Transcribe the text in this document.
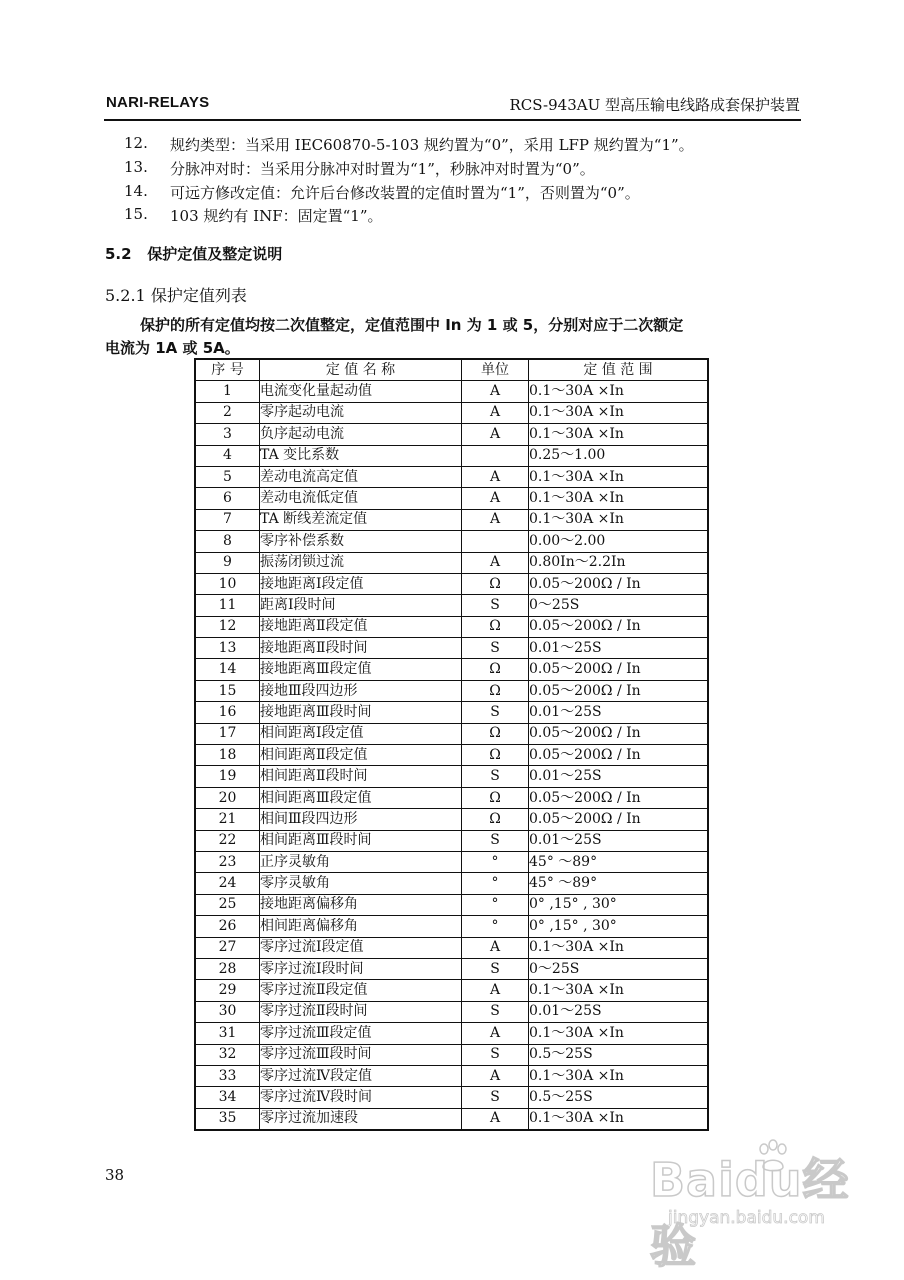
NARI-RELAYS	RCS-943AU 型高压输电线路成套保护装置
12. 规约类型：当采用 IEC60870-5-103 规约置为“0”，采用 LFP 规约置为“1”。
13. 分脉冲对时：当采用分脉冲对时置为“1”，秒脉冲对时置为“0”。
14. 可远方修改定值：允许后台修改装置的定值时置为“1”，否则置为“0”。
15. 103 规约有 INF：固定置“1”。
5.2 保护定值及整定说明
5.2.1 保护定值列表
保护的所有定值均按二次值整定，定值范围中 In 为 1 或 5，分别对应于二次额定
电流为 1A 或 5A。
序 号	定 值 名 称	单位	定 值 范 围
1	电流变化量起动值	A	0.1～30A ×In
2	零序起动电流	A	0.1～30A ×In
3	负序起动电流	A	0.1～30A ×In
4	TA 变比系数		0.25～1.00
5	差动电流高定值	A	0.1～30A ×In
6	差动电流低定值	A	0.1～30A ×In
7	TA 断线差流定值	A	0.1～30A ×In
8	零序补偿系数		0.00～2.00
9	振荡闭锁过流	A	0.80In～2.2In
10	接地距离Ⅰ段定值	Ω	0.05～200Ω / In
11	距离Ⅰ段时间	S	0～25S
12	接地距离Ⅱ段定值	Ω	0.05～200Ω / In
13	接地距离Ⅱ段时间	S	0.01～25S
14	接地距离Ⅲ段定值	Ω	0.05～200Ω / In
15	接地Ⅲ段四边形	Ω	0.05～200Ω / In
16	接地距离Ⅲ段时间	S	0.01～25S
17	相间距离Ⅰ段定值	Ω	0.05～200Ω / In
18	相间距离Ⅱ段定值	Ω	0.05～200Ω / In
19	相间距离Ⅱ段时间	S	0.01～25S
20	相间距离Ⅲ段定值	Ω	0.05～200Ω / In
21	相间Ⅲ段四边形	Ω	0.05～200Ω / In
22	相间距离Ⅲ段时间	S	0.01～25S
23	正序灵敏角	°	45° ～89°
24	零序灵敏角	°	45° ～89°
25	接地距离偏移角	°	0° ,15° , 30°
26	相间距离偏移角	°	0° ,15° , 30°
27	零序过流Ⅰ段定值	A	0.1～30A ×In
28	零序过流Ⅰ段时间	S	0～25S
29	零序过流Ⅱ段定值	A	0.1～30A ×In
30	零序过流Ⅱ段时间	S	0.01～25S
31	零序过流Ⅲ段定值	A	0.1～30A ×In
32	零序过流Ⅲ段时间	S	0.5～25S
33	零序过流Ⅳ段定值	A	0.1～30A ×In
34	零序过流Ⅳ段时间	S	0.5～25S
35	零序过流加速段	A	0.1～30A ×In
38	Baidu经验
jingyan.baidu.com
